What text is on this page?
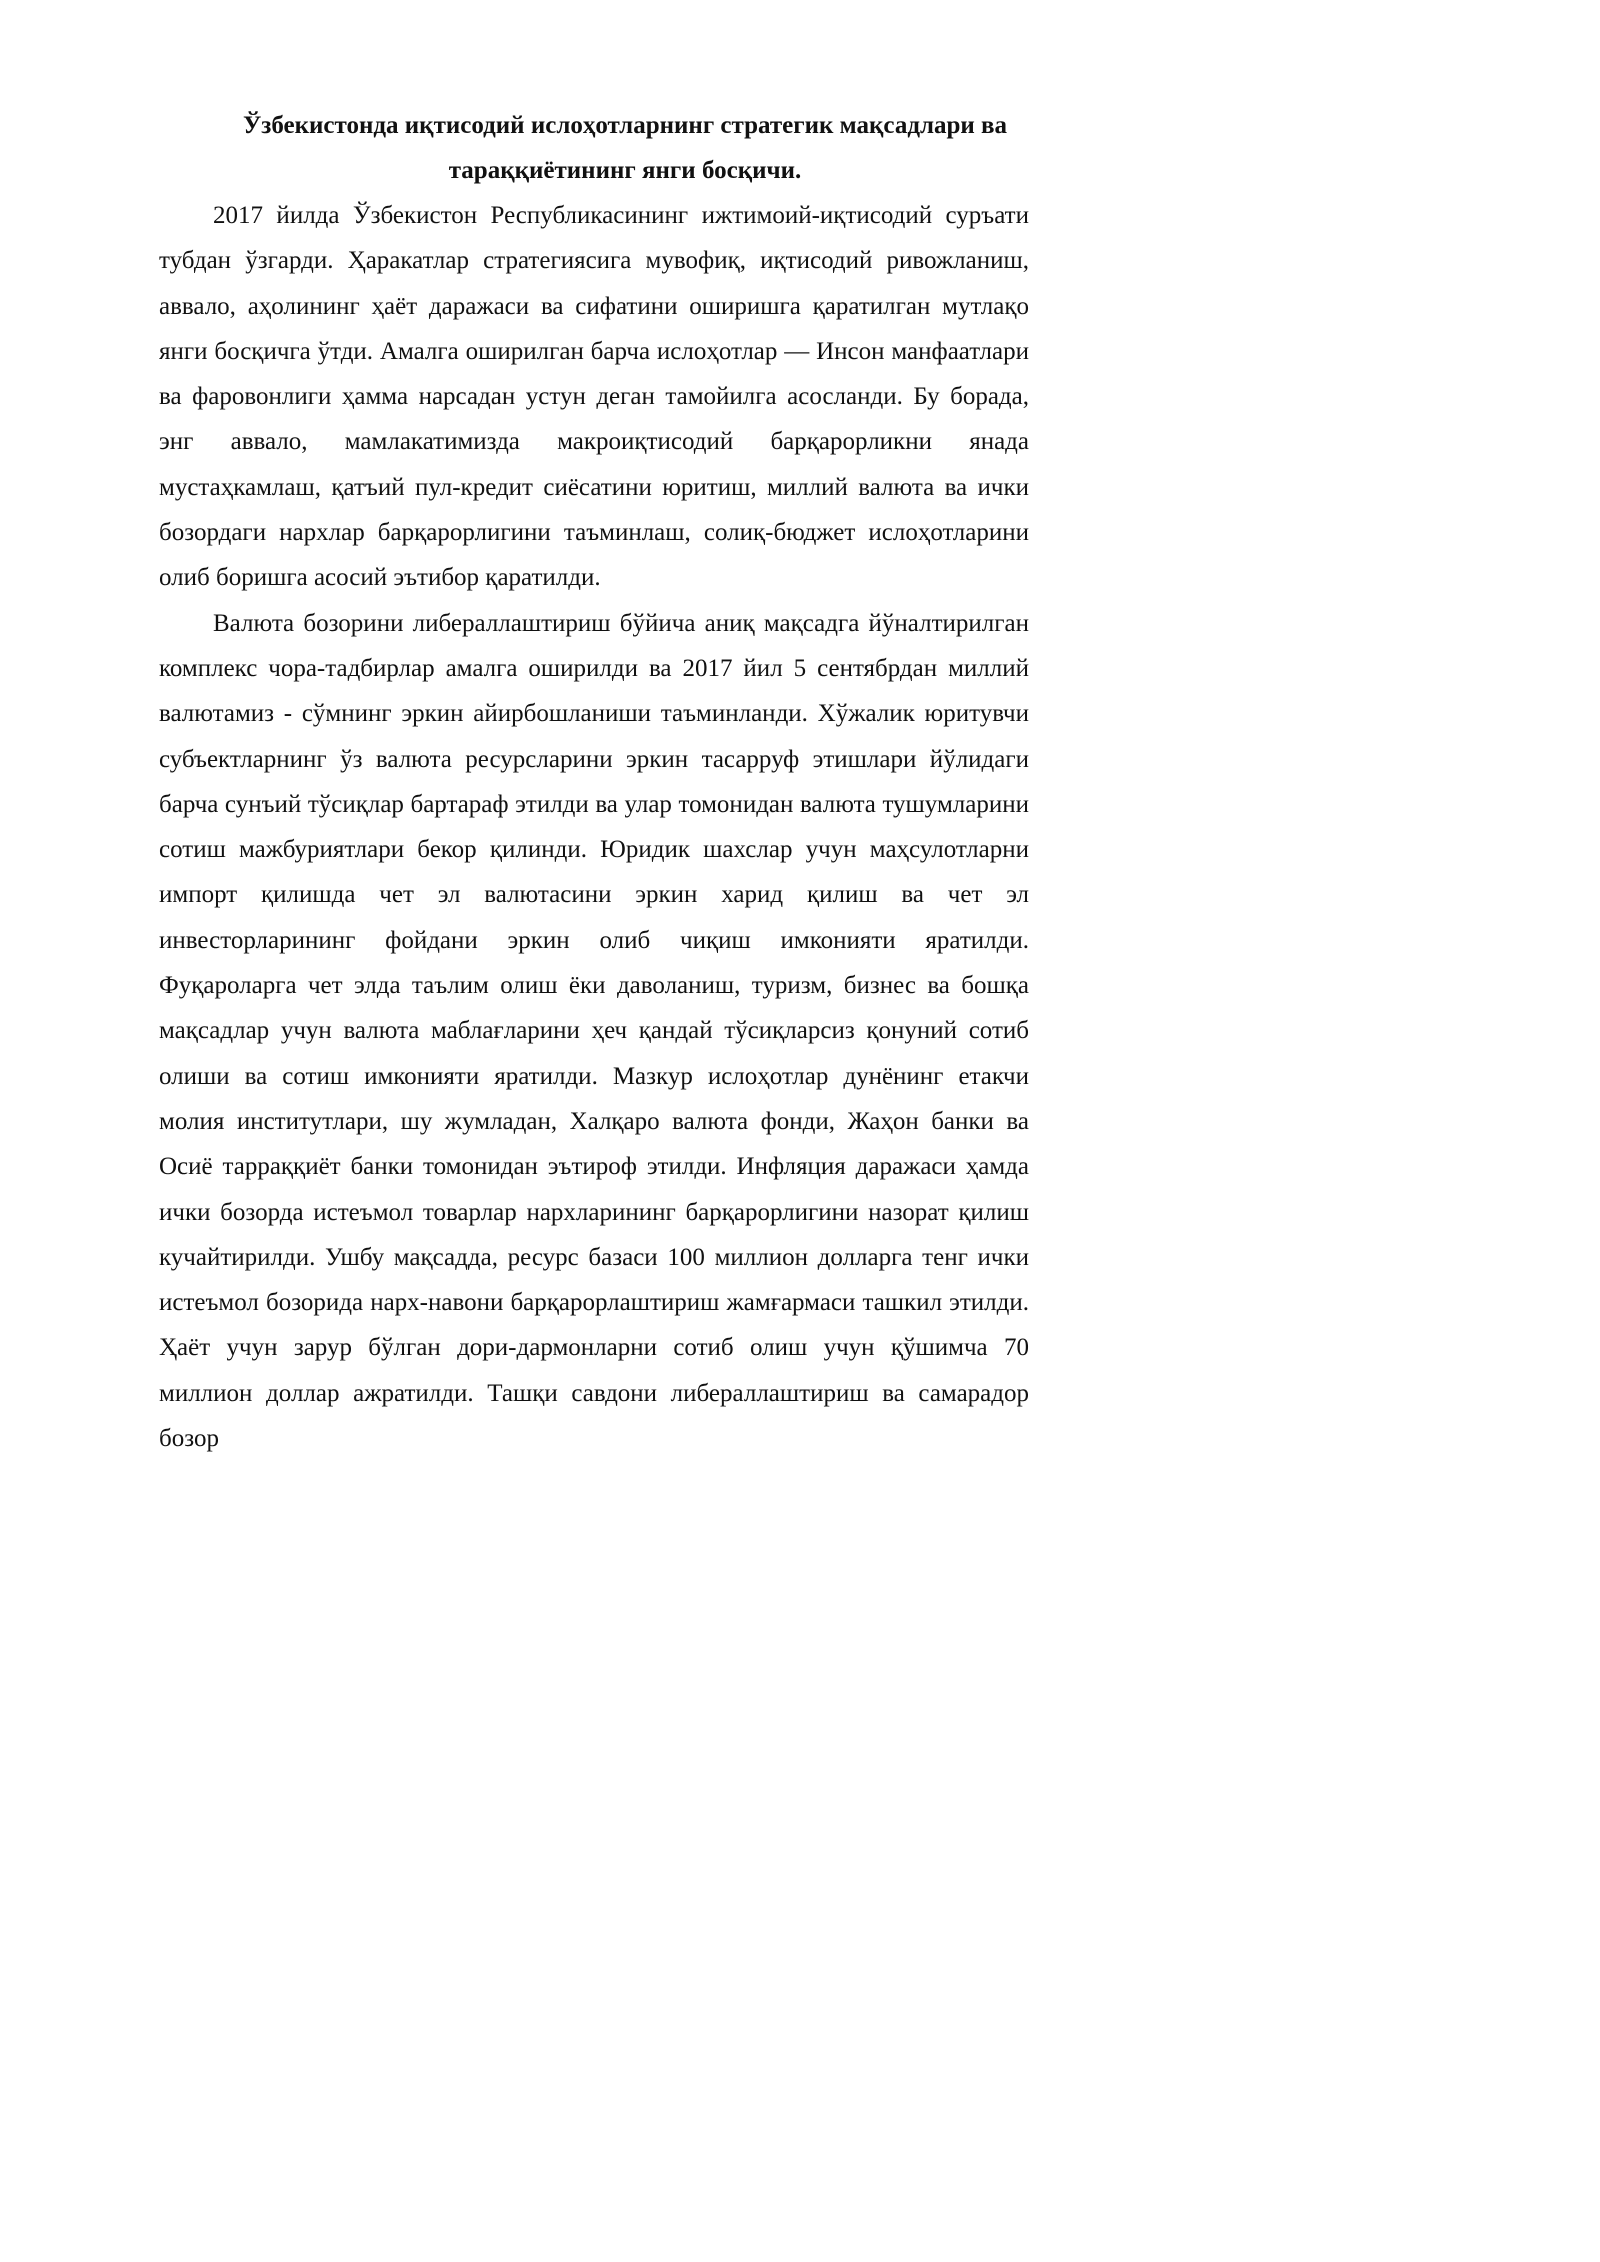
Ўзбекистонда иқтисодий ислоҳотларнинг стратегик мақсадлари ва тараққиётининг янги босқичи.

2017 йилда Ўзбекистон Республикасининг ижтимоий-иқтисодий суръати тубдан ўзгарди. Ҳаракатлар стратегиясига мувофиқ, иқтисодий ривожланиш, аввало, аҳолининг ҳаёт даражаси ва сифатини оширишга қаратилган мутлақо янги босқичга ўтди. Амалга оширилган барча ислоҳотлар — Инсон манфаатлари ва фаровонлиги ҳамма нарсадан устун деган тамойилга асосланди. Бу борада, энг аввало, мамлакатимизда макроиқтисодий барқарорликни янада мустаҳкамлаш, қатъий пул-кредит сиёсатини юритиш, миллий валюта ва ички бозордаги нархлар барқарорлигини таъминлаш, солиқ-бюджет ислоҳотларини олиб боришга асосий эътибор қаратилди.

Валюта бозорини либераллаштириш бўйича аниқ мақсадга йўналтирилган комплекс чора-тадбирлар амалга оширилди ва 2017 йил 5 сентябрдан миллий валютамиз - сўмнинг эркин айирбошланиши таъминланди. Хўжалик юритувчи субъектларнинг ўз валюта ресурсларини эркин тасарруф этишлари йўлидаги барча сунъий тўсиқлар бартараф этилди ва улар томонидан валюта тушумларини сотиш мажбуриятлари бекор қилинди. Юридик шахслар учун маҳсулотларни импорт қилишда чет эл валютасини эркин харид қилиш ва чет эл инвесторларининг фойдани эркин олиб чиқиш имконияти яратилди. Фуқароларга чет элда таълим олиш ёки даволаниш, туризм, бизнес ва бошқа мақсадлар учун валюта маблағларини ҳеч қандай тўсиқларсиз қонуний сотиб олиши ва сотиш имконияти яратилди. Мазкур ислоҳотлар дунёнинг етакчи молия институтлари, шу жумладан, Халқаро валюта фонди, Жаҳон банки ва Осиё тарраққиёт банки томонидан эътироф этилди. Инфляция даражаси ҳамда ички бозорда истеъмол товарлар нархларининг барқарорлигини назорат қилиш кучайтирилди. Ушбу мақсадда, ресурс базаси 100 миллион долларга тенг ички истеъмол бозорида нарх-навони барқарорлаштириш жамғармаси ташкил этилди. Ҳаёт учун зарур бўлган дори-дармонларни сотиб олиш учун қўшимча 70 миллион доллар ажратилди. Ташқи савдони либераллаштириш ва самарадор бозор
